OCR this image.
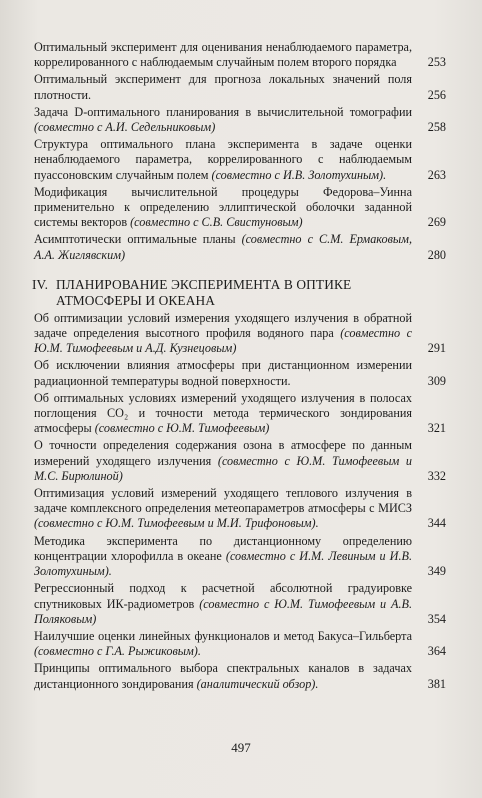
Оптимальный эксперимент для оценивания ненаблюдаемого параметра, коррелированного с наблюдаемым случайным полем второго порядка	253
Оптимальный эксперимент для прогноза локальных значений поля плотности.	256
Задача D-оптимального планирования в вычислительной томографии (совместно с А.И. Седельниковым)	258
Структура оптимального плана эксперимента в задаче оценки ненаблюдаемого параметра, коррелированного с наблюдаемым пуассоновским случайным полем (совместно с И.В. Золотухиным).	263
Модификация вычислительной процедуры Федорова–Уинна применительно к определению эллиптической оболочки заданной системы векторов (совместно с С.В. Свистуновым)	269
Асимптотически оптимальные планы (совместно с С.М. Ермаковым, А.А. Жиглявским)	280
IV. ПЛАНИРОВАНИЕ ЭКСПЕРИМЕНТА В ОПТИКЕ АТМОСФЕРЫ И ОКЕАНА
Об оптимизации условий измерения уходящего излучения в обратной задаче определения высотного профиля водяного пара (совместно с Ю.М. Тимофеевым и А.Д. Кузнецовым)	291
Об исключении влияния атмосферы при дистанционном измерении радиационной температуры водной поверхности.	309
Об оптимальных условиях измерений уходящего излучения в полосах поглощения CO₂ и точности метода термического зондирования атмосферы (совместно с Ю.М. Тимофеевым)	321
О точности определения содержания озона в атмосфере по данным измерений уходящего излучения (совместно с Ю.М. Тимофеевым и М.С. Бирюлиной)	332
Оптимизация условий измерений уходящего теплового излучения в задаче комплексного определения метеопараметров атмосферы с МИСЗ (совместно с Ю.М. Тимофеевым и М.И. Трифоновым).	344
Методика эксперимента по дистанционному определению концентрации хлорофилла в океане (совместно с И.М. Левиным и И.В. Золотухиным).	349
Регрессионный подход к расчетной абсолютной градуировке спутниковых ИК-радиометров (совместно с Ю.М. Тимофеевым и А.В. Поляковым)	354
Наилучшие оценки линейных функционалов и метод Бакуса–Гильберта (совместно с Г.А. Рыжиковым).	364
Принципы оптимального выбора спектральных каналов в задачах дистанционного зондирования (аналитический обзор).	381
497
